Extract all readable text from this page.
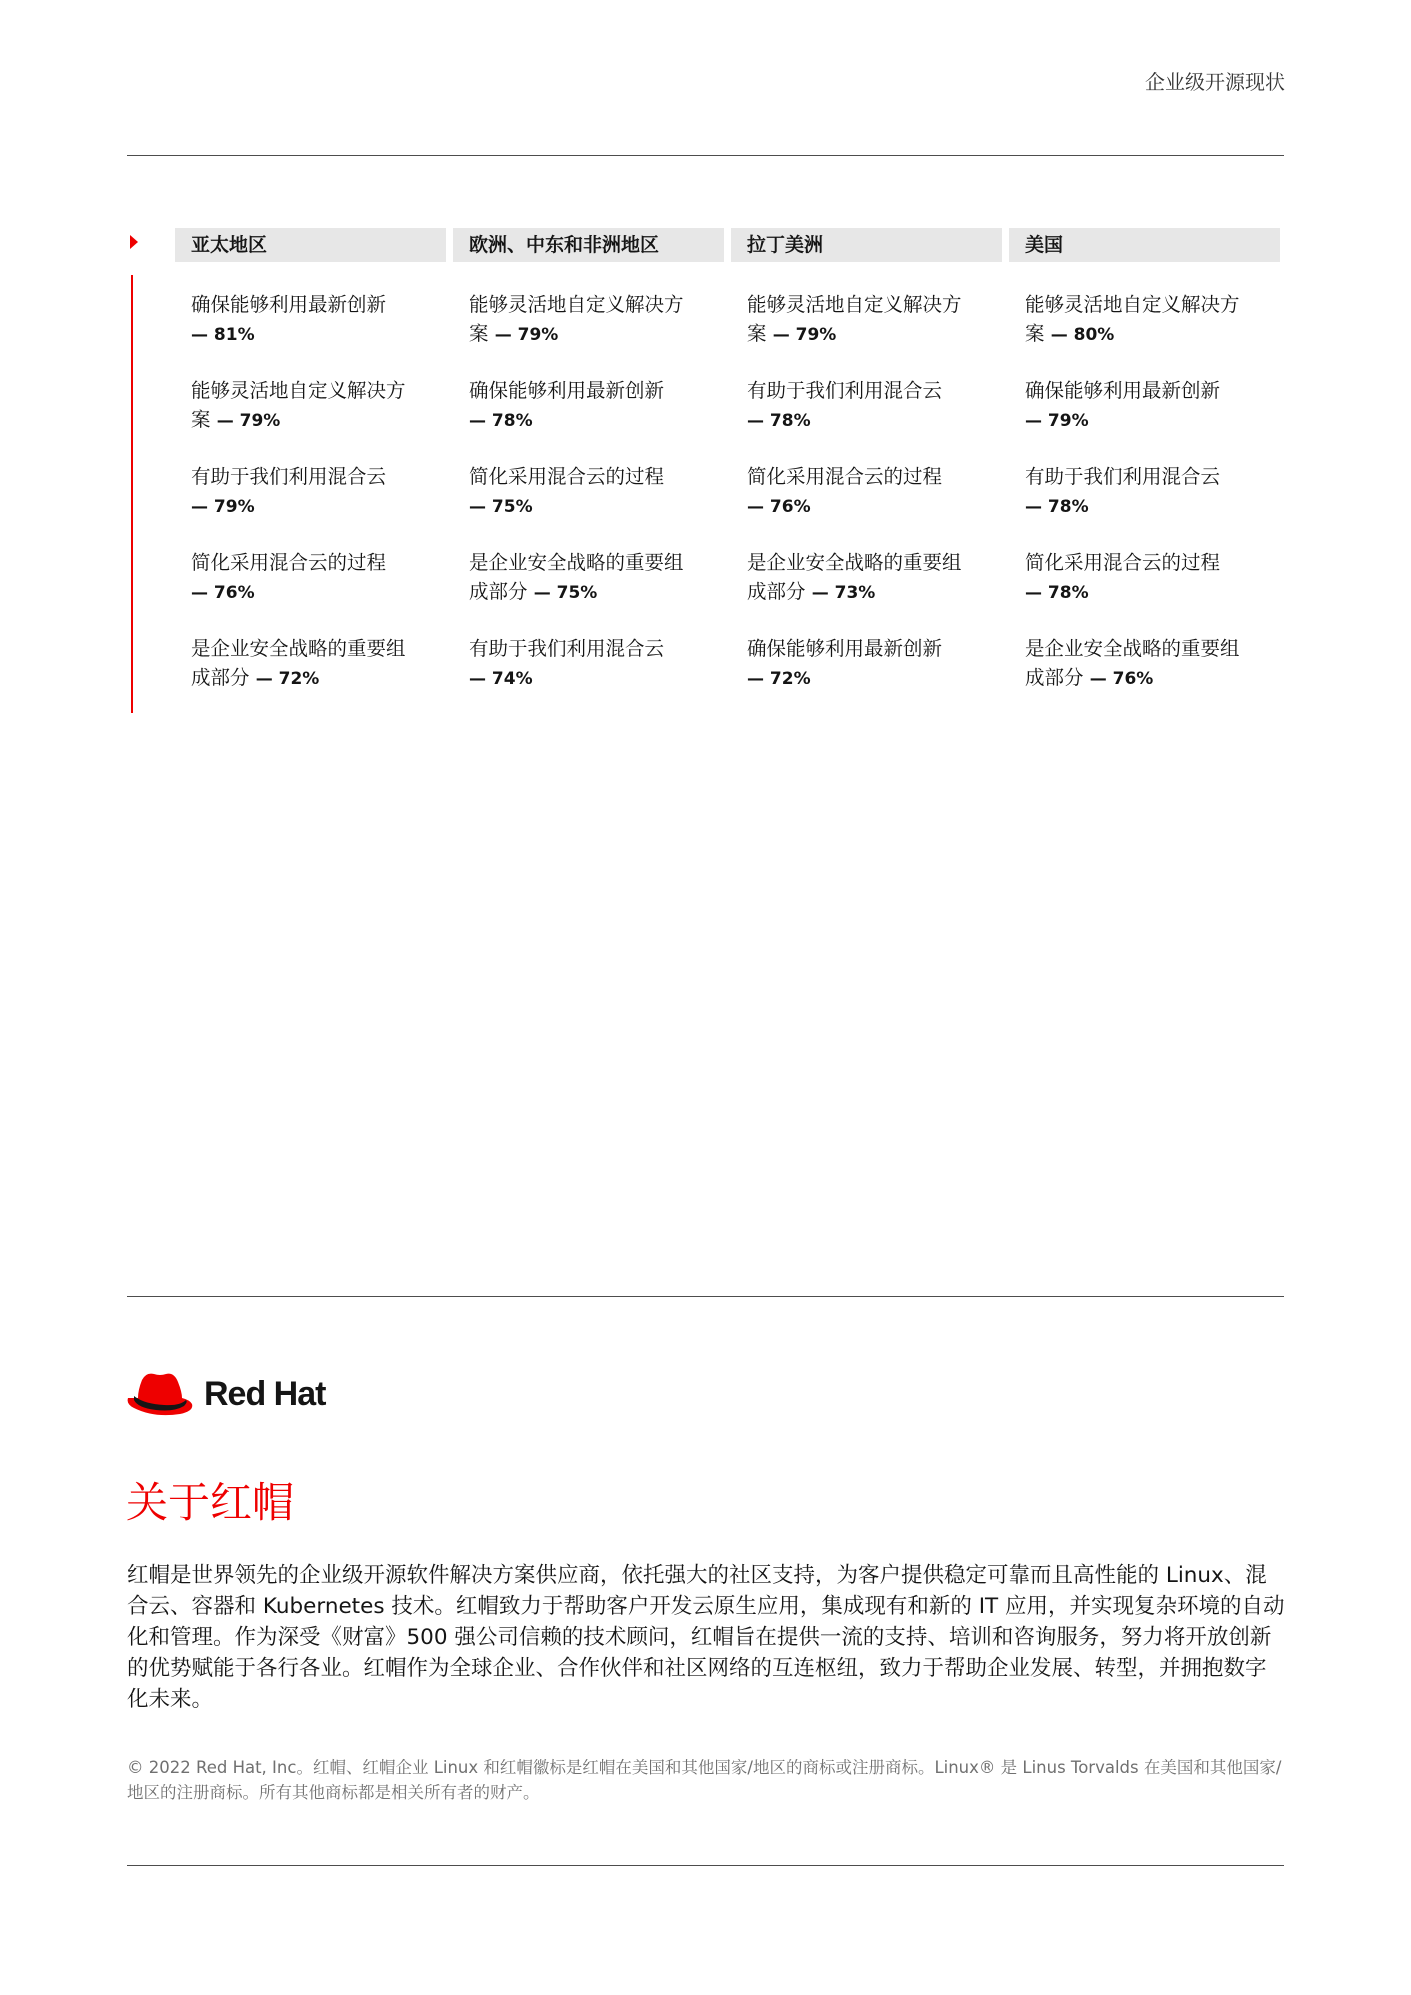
企业级开源现状
亚太地区
确保能够利用最新创新
— 81%
能够灵活地自定义解决方案 — 79%
有助于我们利用混合云
— 79%
简化采用混合云的过程
— 76%
是企业安全战略的重要组成部分 — 72%
欧洲、中东和非洲地区
能够灵活地自定义解决方案 — 79%
确保能够利用最新创新
— 78%
简化采用混合云的过程
— 75%
是企业安全战略的重要组成部分 — 75%
有助于我们利用混合云
— 74%
拉丁美洲
能够灵活地自定义解决方案 — 79%
有助于我们利用混合云
— 78%
简化采用混合云的过程
— 76%
是企业安全战略的重要组成部分 — 73%
确保能够利用最新创新
— 72%
美国
能够灵活地自定义解决方案 — 80%
确保能够利用最新创新
— 79%
有助于我们利用混合云
— 78%
简化采用混合云的过程
— 78%
是企业安全战略的重要组成部分 — 76%
Red Hat
关于红帽
红帽是世界领先的企业级开源软件解决方案供应商，依托强大的社区支持，为客户提供稳定可靠而且高性能的 Linux、混合云、容器和 Kubernetes 技术。红帽致力于帮助客户开发云原生应用，集成现有和新的 IT 应用，并实现复杂环境的自动化和管理。作为深受《财富》500 强公司信赖的技术顾问，红帽旨在提供一流的支持、培训和咨询服务，努力将开放创新的优势赋能于各行各业。红帽作为全球企业、合作伙伴和社区网络的互连枢纽，致力于帮助企业发展、转型，并拥抱数字化未来。
© 2022 Red Hat, Inc。红帽、红帽企业 Linux 和红帽徽标是红帽在美国和其他国家/地区的商标或注册商标。Linux® 是 Linus Torvalds 在美国和其他国家/地区的注册商标。所有其他商标都是相关所有者的财产。
